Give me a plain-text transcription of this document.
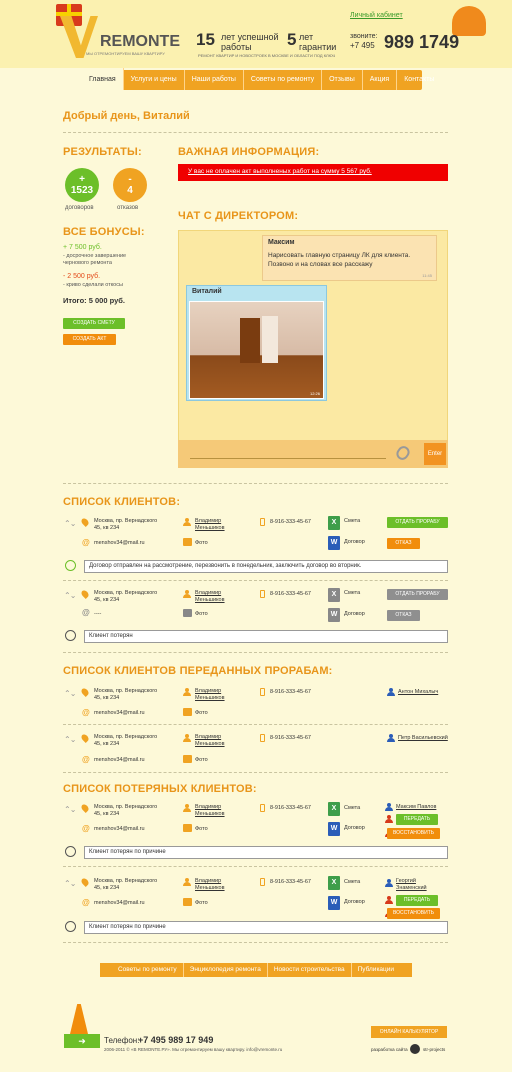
REMONTE
МЫ ОТРЕМОНТИРУЕМ ВАШУ КВАРТИРУ
15 лет успешной работы	5 лет гарантии
РЕМОНТ КВАРТИР И НОВОСТРОЕК В МОСКВЕ И ОБЛАСТИ ПОД КЛЮЧ
Личный кабинет
звоните:
+7 495 989 1749
Главная	Услуги и цены	Наши работы	Советы по ремонту	Отзывы	Акция	Контакты
Добрый день, Виталий
РЕЗУЛЬТАТЫ:
+
1523
договоров
-
4
отказов
ВСЕ БОНУСЫ:
+ 7 500 руб.
- досрочное завершение чернового ремонта
- 2 500 руб.
- криво сделали откосы
Итого: 5 000 руб.
СОЗДАТЬ СМЕТУ
СОЗДАТЬ АКТ
ВАЖНАЯ ИНФОРМАЦИЯ:
У вас не оплачен акт выполненых работ на сумму 5 567 руб.
ЧАТ С ДИРЕКТОРОМ:
Максим
Нарисовать главную страницу ЛК для клиента. Позвоно и на словах все расскажу
11:45
Виталий
12:26
Enter
СПИСОК КЛИЕНТОВ:
⌃⌄	Москва, пр. Вернадского 45, кв 234
@ menshov34@mail.ru
Владимир Меньшиков
Фото
8-916-333-45-67	X	Смета
W	Договор
ОТДАТЬ ПРОРАБУ
ОТКАЗ
Договор отправлен на рассмотрение, перезвонить в понедельник, заключить договор во вторник.
⌃⌄	Москва, пр. Вернадского 45, кв 234
@ ----
Владимир Меньшиков
Фото
8-916-333-45-67	X	Смета
W	Договор
ОТДАТЬ ПРОРАБУ
ОТКАЗ
Клиент потерян
СПИСОК КЛИЕНТОВ ПЕРЕДАННЫХ ПРОРАБАМ:
⌃⌄	Москва, пр. Вернадского 45, кв 234
@ menshov34@mail.ru
Владимир Меньшиков
Фото
8-916-333-45-67	Антон Михалыч
⌃⌄	Москва, пр. Вернадского 45, кв 234
@ menshov34@mail.ru
Владимир Меньшиков
Фото
8-916-333-45-67	Петр Васильевский
СПИСОК ПОТЕРЯНЫХ КЛИЕНТОВ:
⌃⌄	Москва, пр. Вернадского 45, кв 234
@ menshov34@mail.ru
Владимир Меньшиков
Фото
8-916-333-45-67	X	Смета
W	Договор
Максим Павлов
ПЕРЕДАТЬ
ВОССТАНОВИТЬ
Клиент потерян по причине
⌃⌄	Москва, пр. Вернадского 45, кв 234
@ menshov34@mail.ru
Владимир Меньшиков
Фото
8-916-333-45-67	X	Смета
W	Договор
Георгий Знаменский
ПЕРЕДАТЬ
ВОССТАНОВИТЬ
Клиент потерян по причине
Советы по ремонту	Энциклопедия ремонта	Новости строительства	Публикации
➜	Телефон:
+7 495 989 17 949
2006-2011 © «B REMONTE.РУ». Мы отремонтируем вашу квартиру. info@vremonte.ru
ОНЛАЙН КАЛЬКУЛЯТОР
разработка сайта	str-projects
